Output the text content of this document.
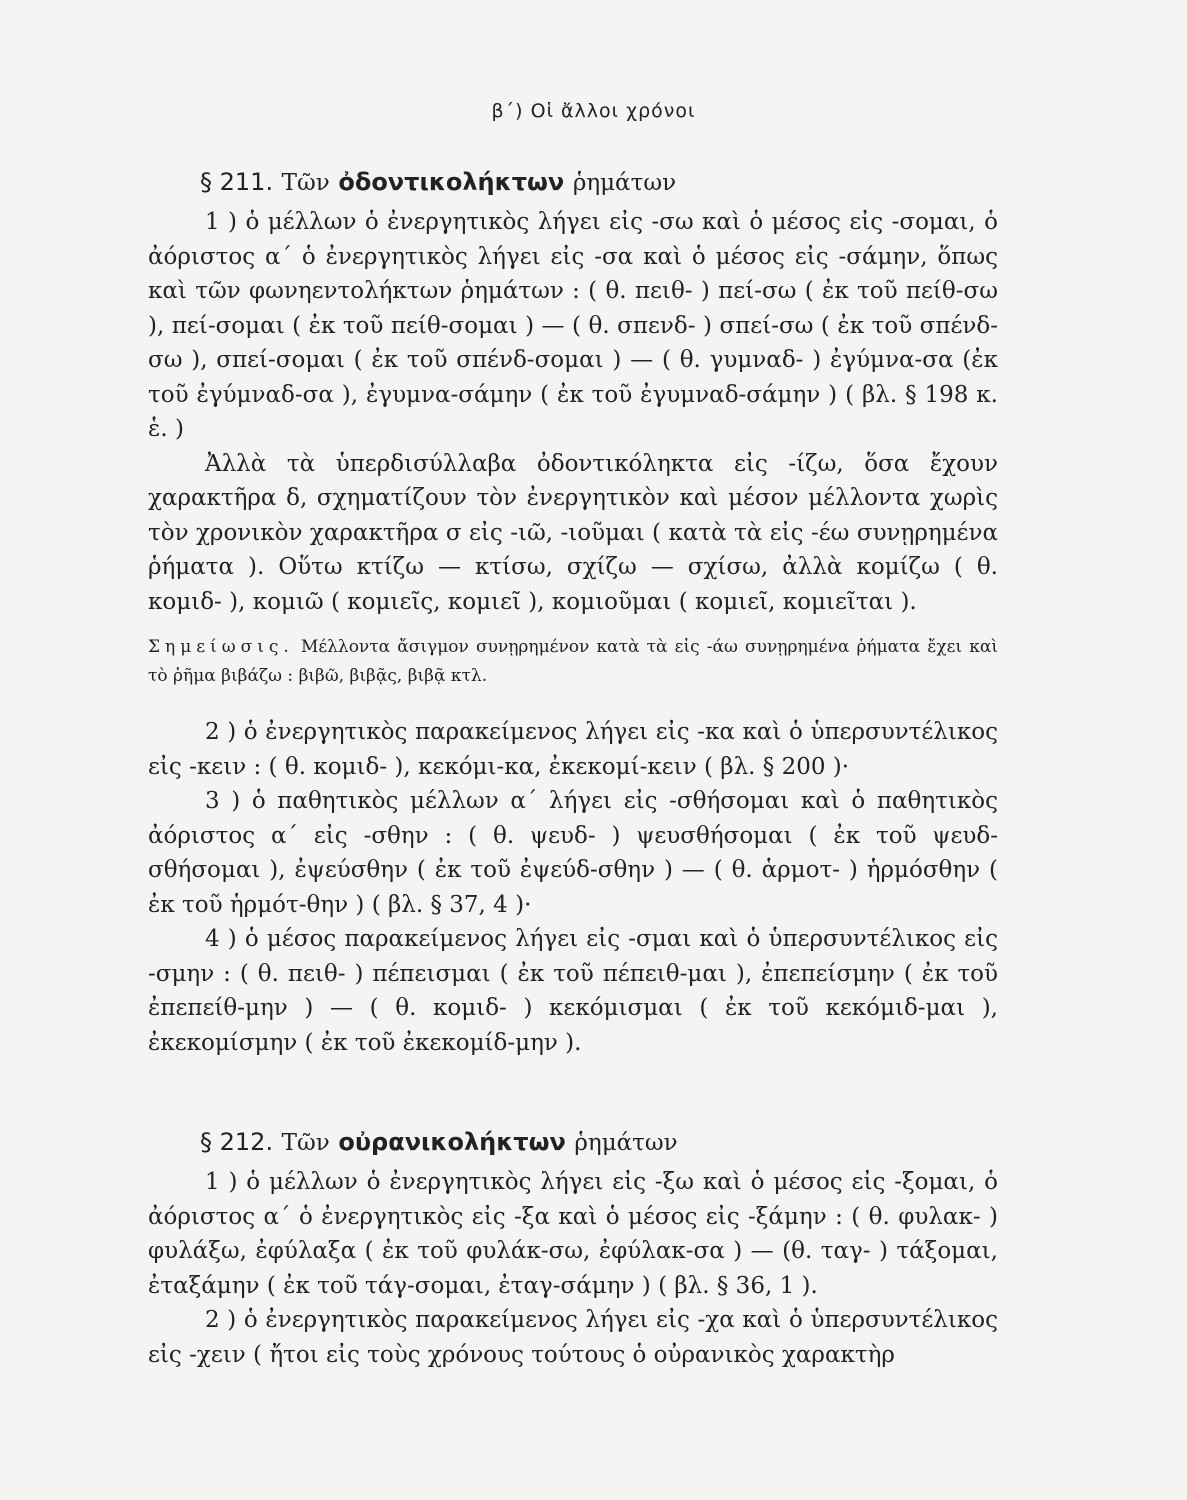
β΄) Οἱ ἄλλοι χρόνοι
§ 211. Τῶν ὀδοντικολήκτων ῥημάτων

1 ) ὁ μέλλων ὁ ἐνεργητικὸς λήγει εἰς -σω καὶ ὁ μέσος εἰς -σομαι, ὁ ἀόριστος α΄ ὁ ἐνεργητικὸς λήγει εἰς -σα καὶ ὁ μέσος εἰς -σάμην, ὅπως καὶ τῶν φωνηεντολήκτων ῥημάτων : ( θ. πειθ- ) πεί-σω ( ἐκ τοῦ πείθ-σω ), πεί-σομαι ( ἐκ τοῦ πείθ-σομαι ) — ( θ. σπενδ- ) σπεί-σω ( ἐκ τοῦ σπένδ-σω ), σπεί-σομαι ( ἐκ τοῦ σπένδ-σομαι ) — ( θ. γυμναδ- ) ἐγύμνα-σα (ἐκ τοῦ ἐγύμναδ-σα ), ἐγυμνα-σάμην ( ἐκ τοῦ ἐγυμναδ-σάμην ) ( βλ. § 198 κ. ἑ. )

Ἀλλὰ τὰ ὑπερδισύλλαβα ὀδοντικόληκτα εἰς -ίζω, ὅσα ἔχουν χαρακτῆρα δ, σχηματίζουν τὸν ἐνεργητικὸν καὶ μέσον μέλλοντα χωρὶς τὸν χρονικὸν χαρακτῆρα σ εἰς -ιῶ, -ιοῦμαι ( κατὰ τὰ εἰς -έω συνῃρημένα ῥήματα ). Οὕτω κτίζω — κτίσω, σχίζω — σχίσω, ἀλλὰ κομίζω ( θ. κομιδ- ), κομιῶ ( κομιεῖς, κομιεῖ ), κομιοῦμαι ( κομιεῖ, κομιεῖται ).

Σημείωσις. Μέλλοντα ἄσιγμον συνῃρημένον κατὰ τὰ εἰς -άω συνῃρημένα ῥήματα ἔχει καὶ τὸ ῥῆμα βιβάζω : βιβῶ, βιβᾷς, βιβᾷ κτλ.

2 ) ὁ ἐνεργητικὸς παρακείμενος λήγει εἰς -κα καὶ ὁ ὑπερσυντέλικος εἰς -κειν : ( θ. κομιδ- ), κεκόμι-κα, ἐκεκομί-κειν ( βλ. § 200 )·

3 ) ὁ παθητικὸς μέλλων α΄ λήγει εἰς -σθήσομαι καὶ ὁ παθητικὸς ἀόριστος α΄ εἰς -σθην : ( θ. ψευδ- ) ψευσθήσομαι ( ἐκ τοῦ ψευδ-σθήσομαι ), ἐψεύσθην ( ἐκ τοῦ ἐψεύδ-σθην ) — ( θ. ἁρμοτ- ) ἡρμόσθην ( ἐκ τοῦ ἡρμότ-θην ) ( βλ. § 37, 4 )·

4 ) ὁ μέσος παρακείμενος λήγει εἰς -σμαι καὶ ὁ ὑπερσυντέλικος εἰς -σμην : ( θ. πειθ- ) πέπεισμαι ( ἐκ τοῦ πέπειθ-μαι ), ἐπεπείσμην ( ἐκ τοῦ ἐπεπείθ-μην ) — ( θ. κομιδ- ) κεκόμισμαι ( ἐκ τοῦ κεκόμιδ-μαι ), ἐκεκομίσμην ( ἐκ τοῦ ἐκεκομίδ-μην ).

§ 212. Τῶν οὐρανικολήκτων ῥημάτων

1 ) ὁ μέλλων ὁ ἐνεργητικὸς λήγει εἰς -ξω καὶ ὁ μέσος εἰς -ξομαι, ὁ ἀόριστος α΄ ὁ ἐνεργητικὸς εἰς -ξα καὶ ὁ μέσος εἰς -ξάμην : ( θ. φυλακ- ) φυλάξω, ἐφύλαξα ( ἐκ τοῦ φυλάκ-σω, ἐφύλακ-σα ) — (θ. ταγ- ) τάξομαι, ἐταξάμην ( ἐκ τοῦ τάγ-σομαι, ἐταγ-σάμην ) ( βλ. § 36, 1 ).

2 ) ὁ ἐνεργητικὸς παρακείμενος λήγει εἰς -χα καὶ ὁ ὑπερσυντέλικος εἰς -χειν ( ἤτοι εἰς τοὺς χρόνους τούτους ὁ οὐρανικὸς χαρακτὴρ
